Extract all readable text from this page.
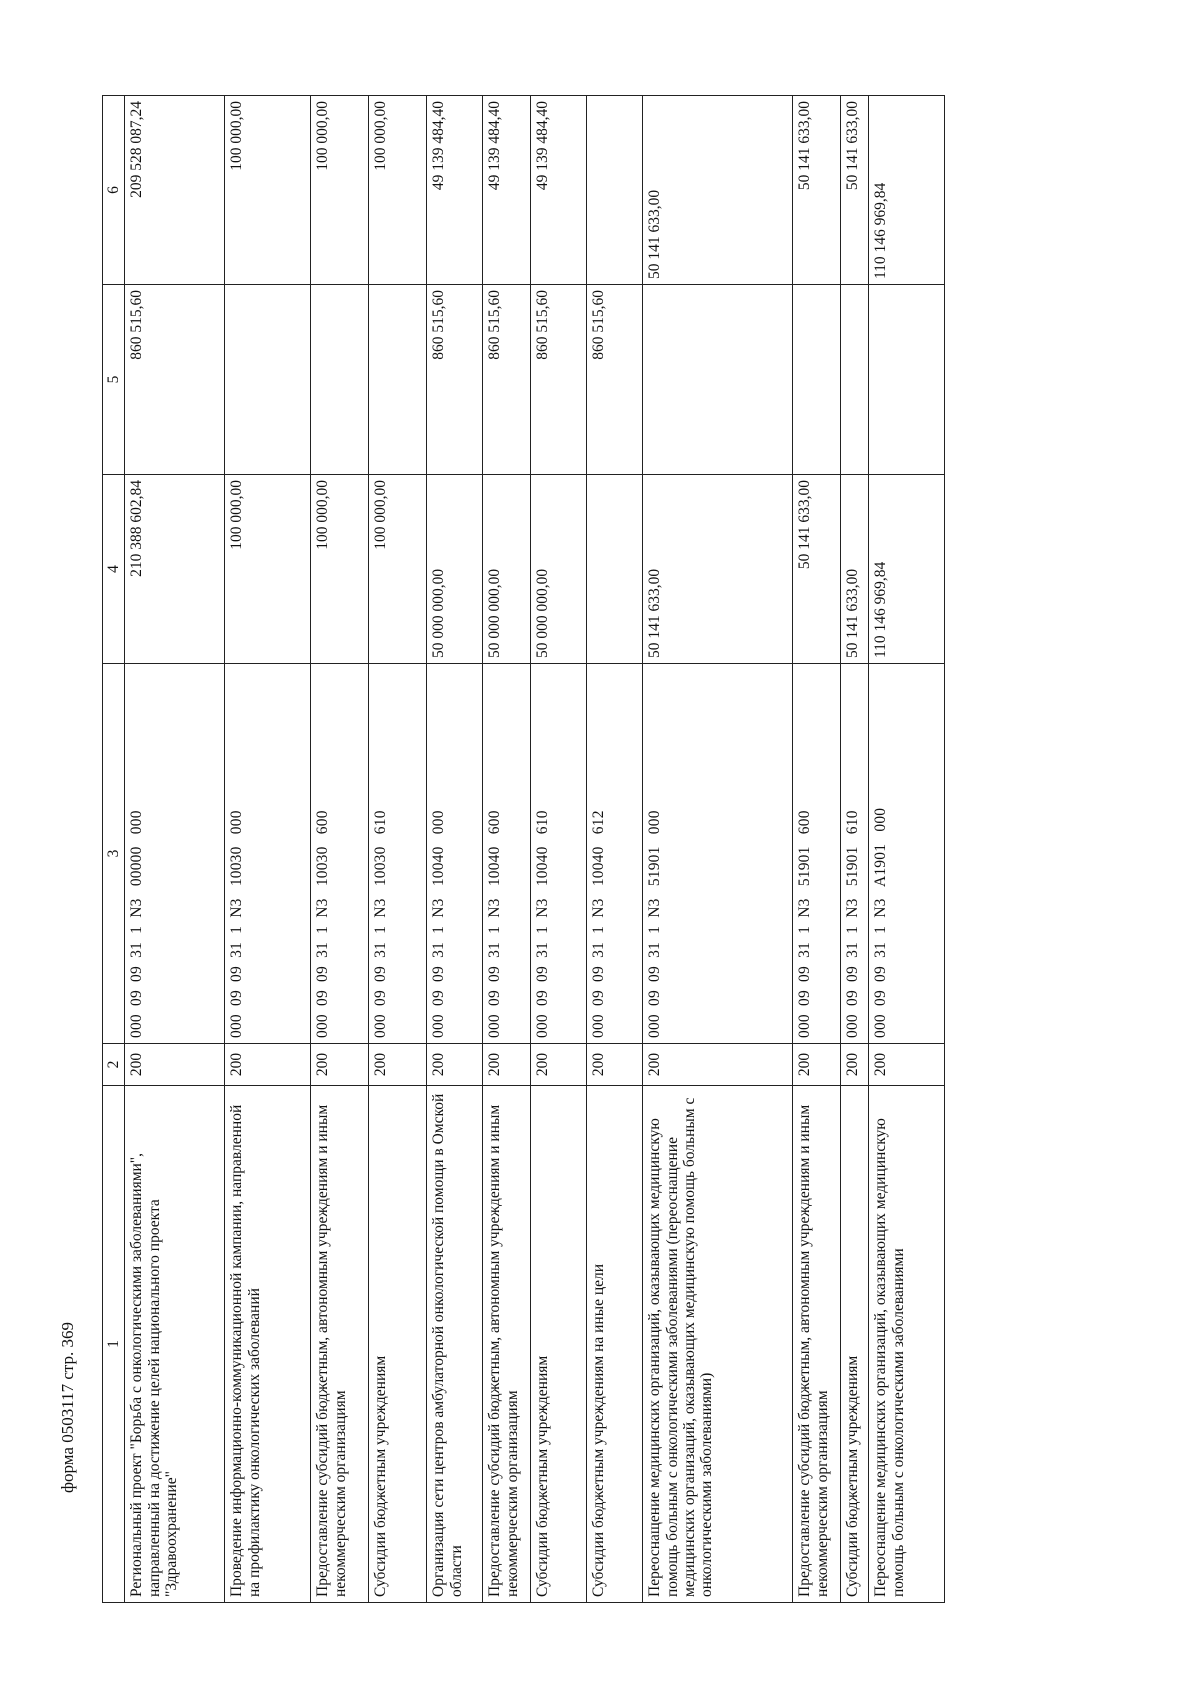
форма 0503117 стр. 369 1	2	3	4	5	6
Региональный проект "Борьба с онкологическими заболеваниями", направленный на достижение целей национального проекта "Здравоохранение"	200	000  09  09  31  1  N3   00000   000	210 388 602,84	860 515,60	209 528 087,24
Проведение информационно-коммуникационной кампании, направленной на профилактику онкологических заболеваний	200	000  09  09  31  1  N3   10030   000	100 000,00		100 000,00
Предоставление субсидий бюджетным, автономным учреждениям и иным некоммерческим организациям	200	000  09  09  31  1  N3   10030   600	100 000,00		100 000,00
Субсидии бюджетным учреждениям	200	000  09  09  31  1  N3   10030   610	100 000,00		100 000,00
Организация сети центров амбулаторной онкологической помощи в Омской области	200	000  09  09  31  1  N3   10040   000	50 000 000,00	860 515,60	49 139 484,40
Предоставление субсидий бюджетным, автономным учреждениям и иным некоммерческим организациям	200	000  09  09  31  1  N3   10040   600	50 000 000,00	860 515,60	49 139 484,40
Субсидии бюджетным учреждениям	200	000  09  09  31  1  N3   10040   610	50 000 000,00	860 515,60	49 139 484,40
Субсидии бюджетным учреждениям на иные цели	200	000  09  09  31  1  N3   10040   612		860 515,60	
Переоснащение медицинских организаций, оказывающих медицинскую помощь больным с онкологическими заболеваниями (переоснащение медицинских организаций, оказывающих медицинскую помощь больным с онкологическими заболеваниями)	200	000  09  09  31  1  N3   51901   000	50 141 633,00		50 141 633,00
Предоставление субсидий бюджетным, автономным учреждениям и иным некоммерческим организациям	200	000  09  09  31  1  N3   51901   600	50 141 633,00		50 141 633,00
Субсидии бюджетным учреждениям	200	000  09  09  31  1  N3   51901   610	50 141 633,00		50 141 633,00
Переоснащение медицинских организаций, оказывающих медицинскую помощь больным с онкологическими заболеваниями	200	000  09  09  31  1  N3   A1901   000	110 146 969,84		110 146 969,84
